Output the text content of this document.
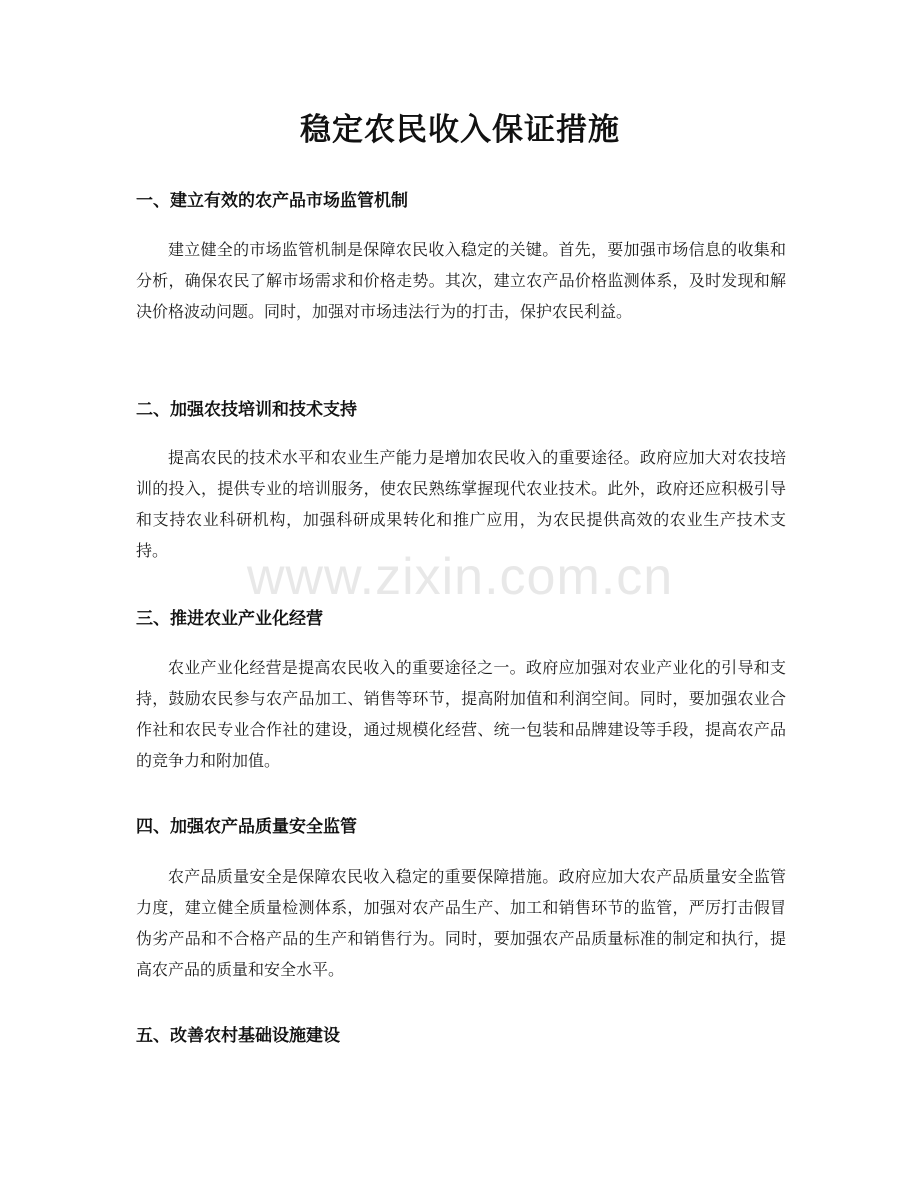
稳定农民收入保证措施
一、建立有效的农产品市场监管机制

建立健全的市场监管机制是保障农民收入稳定的关键。首先，要加强市场信息的收集和分析，确保农民了解市场需求和价格走势。其次，建立农产品价格监测体系，及时发现和解决价格波动问题。同时，加强对市场违法行为的打击，保护农民利益。

二、加强农技培训和技术支持

提高农民的技术水平和农业生产能力是增加农民收入的重要途径。政府应加大对农技培训的投入，提供专业的培训服务，使农民熟练掌握现代农业技术。此外，政府还应积极引导和支持农业科研机构，加强科研成果转化和推广应用，为农民提供高效的农业生产技术支持。

三、推进农业产业化经营

农业产业化经营是提高农民收入的重要途径之一。政府应加强对农业产业化的引导和支持，鼓励农民参与农产品加工、销售等环节，提高附加值和利润空间。同时，要加强农业合作社和农民专业合作社的建设，通过规模化经营、统一包装和品牌建设等手段，提高农产品的竞争力和附加值。

四、加强农产品质量安全监管

农产品质量安全是保障农民收入稳定的重要保障措施。政府应加大农产品质量安全监管力度，建立健全质量检测体系，加强对农产品生产、加工和销售环节的监管，严厉打击假冒伪劣产品和不合格产品的生产和销售行为。同时，要加强农产品质量标准的制定和执行，提高农产品的质量和安全水平。

五、改善农村基础设施建设
www.zixin.com.cn
